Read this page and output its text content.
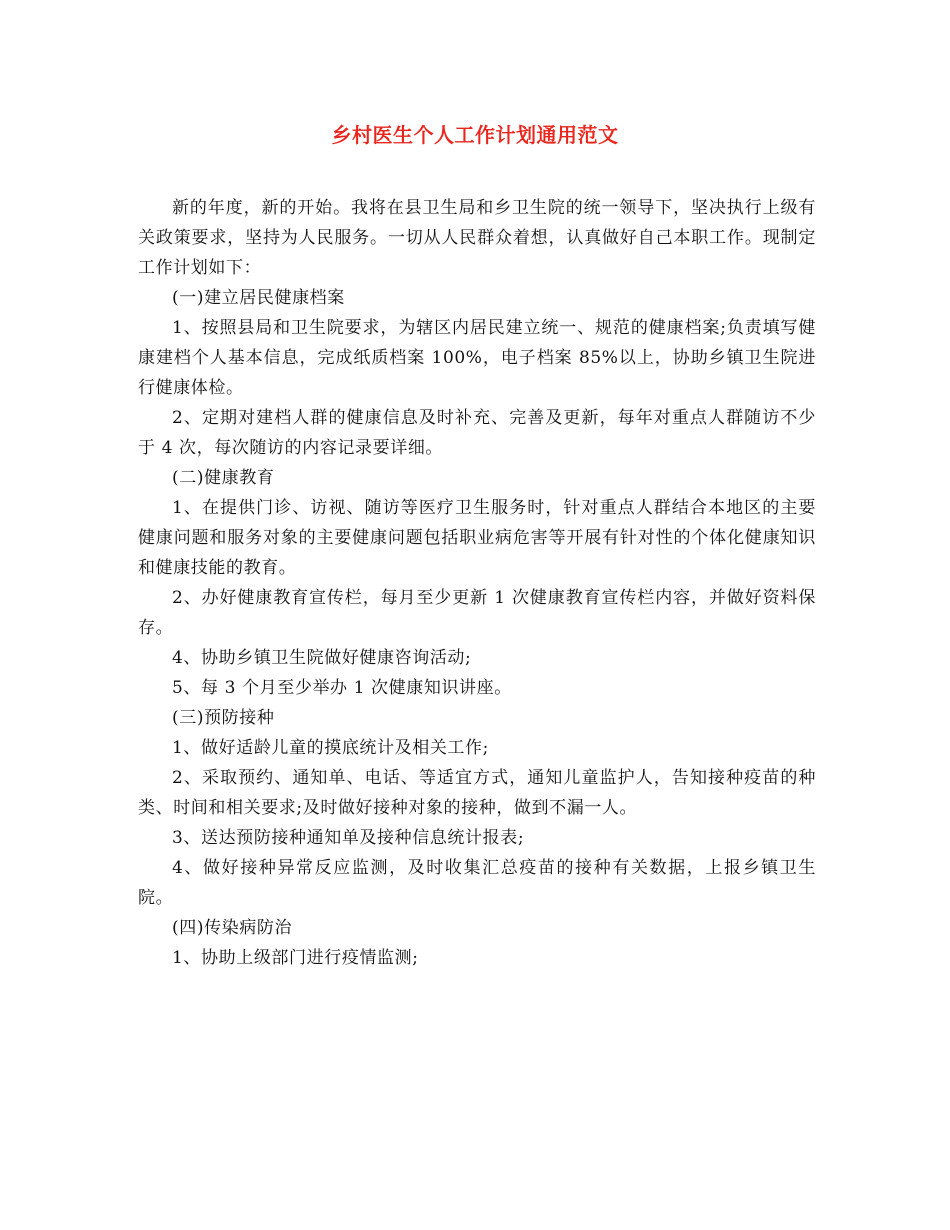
乡村医生个人工作计划通用范文

新的年度，新的开始。我将在县卫生局和乡卫生院的统一领导下，坚决执行上级有关政策要求，坚持为人民服务。一切从人民群众着想，认真做好自己本职工作。现制定工作计划如下：

(一)建立居民健康档案

1、按照县局和卫生院要求，为辖区内居民建立统一、规范的健康档案;负责填写健康建档个人基本信息，完成纸质档案 100%，电子档案 85%以上，协助乡镇卫生院进行健康体检。

2、定期对建档人群的健康信息及时补充、完善及更新，每年对重点人群随访不少于 4 次，每次随访的内容记录要详细。

(二)健康教育

1、在提供门诊、访视、随访等医疗卫生服务时，针对重点人群结合本地区的主要健康问题和服务对象的主要健康问题包括职业病危害等开展有针对性的个体化健康知识和健康技能的教育。

2、办好健康教育宣传栏，每月至少更新 1 次健康教育宣传栏内容，并做好资料保存。

4、协助乡镇卫生院做好健康咨询活动;

5、每 3 个月至少举办 1 次健康知识讲座。

(三)预防接种

1、做好适龄儿童的摸底统计及相关工作;

2、采取预约、通知单、电话、等适宜方式，通知儿童监护人，告知接种疫苗的种类、时间和相关要求;及时做好接种对象的接种，做到不漏一人。

3、送达预防接种通知单及接种信息统计报表;

4、做好接种异常反应监测，及时收集汇总疫苗的接种有关数据，上报乡镇卫生院。

(四)传染病防治

1、协助上级部门进行疫情监测;
